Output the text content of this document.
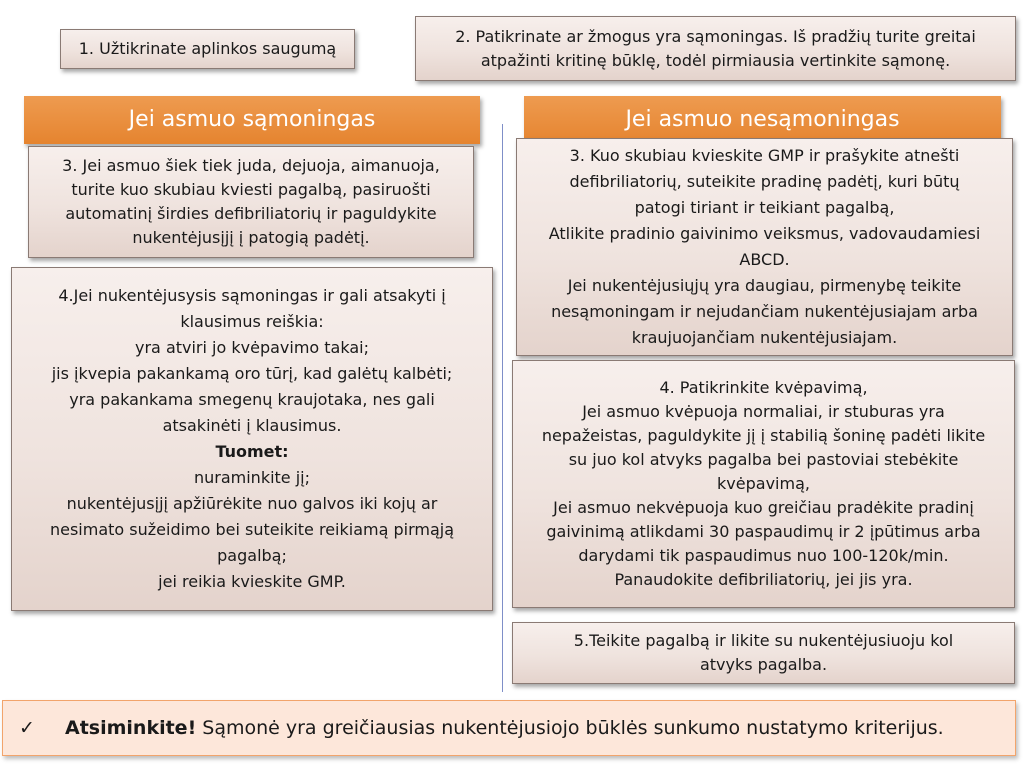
1. Užtikrinate aplinkos saugumą

2. Patikrinate ar žmogus yra sąmoningas. Iš pradžių turite greitai

atpažinti kritinę būklę, todėl pirmiausia vertinkite sąmonę.

Jei asmuo sąmoningas	Jei asmuo nesąmoningas

3. Jei asmuo šiek tiek juda, dejuoja, aimanuoja,

turite kuo skubiau kviesti pagalbą, pasiruošti

automatinį širdies defibriliatorių ir paguldykite

nukentėjusįjį į patogią padėtį.

4.Jei nukentėjusysis sąmoningas ir gali atsakyti į

klausimus reiškia:

yra atviri jo kvėpavimo takai;

jis įkvepia pakankamą oro tūrį, kad galėtų kalbėti;

yra pakankama smegenų kraujotaka, nes gali

atsakinėti į klausimus.

Tuomet:

nuraminkite jį;

nukentėjusįjį apžiūrėkite nuo galvos iki kojų ar

nesimato sužeidimo bei suteikite reikiamą pirmąją

pagalbą;

jei reikia kvieskite GMP.

3. Kuo skubiau kvieskite GMP ir prašykite atnešti

defibriliatorių, suteikite pradinę padėtį, kuri būtų

patogi tiriant ir teikiant pagalbą,

Atlikite pradinio gaivinimo veiksmus, vadovaudamiesi

ABCD.

Jei nukentėjusiųjų yra daugiau, pirmenybę teikite

nesąmoningam ir nejudančiam nukentėjusiajam arba

kraujuojančiam nukentėjusiajam.

4. Patikrinkite kvėpavimą,

Jei asmuo kvėpuoja normaliai, ir stuburas yra

nepažeistas, paguldykite jį į stabilią šoninę padėti likite

su juo kol atvyks pagalba bei pastoviai stebėkite

kvėpavimą,

Jei asmuo nekvėpuoja kuo greičiau pradėkite pradinį

gaivinimą atlikdami 30 paspaudimų ir 2 įpūtimus arba

darydami tik paspaudimus nuo 100-120k/min.

Panaudokite defibriliatorių, jei jis yra.

5.Teikite pagalbą ir likite su nukentėjusiuoju kol

atvyks pagalba.

✓ Atsiminkite! Sąmonė yra greičiausias nukentėjusiojo būklės sunkumo nustatymo kriterijus.
